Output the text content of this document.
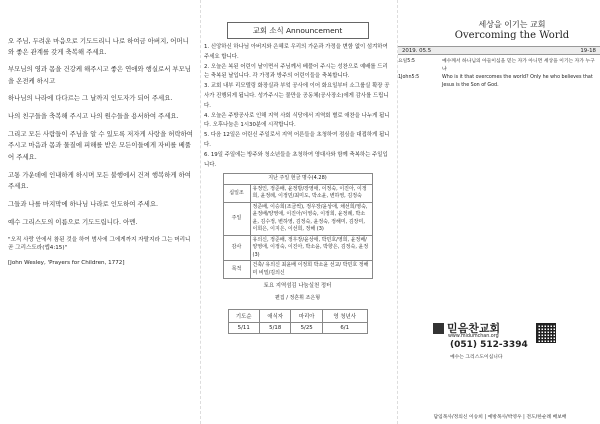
오 주님, 두려운 마음으로 기도드리니 나로 하여금 아버지, 어머니와 좋은 관계를 갖게 축복해 주세요.

부모님의 영과 몸을 건강케 해주시고 좋은 연애와 행실로서 부모님을 온전케 하시고

하나님의 나라에 다다르는 그 날까지 인도자가 되어 주세요.

나의 친구들을 축복해 주시고 나의 원수들을 용서하여 주세요.

그리고 모든 사람들이 주님을 알 수 있도록 저자게 사랑을 허락하여 주시고 마음과 몸과 물질에 피해를 받은 모든이들에게 자비를 베풀어 주세요.

고통 가운데에 인내하게 하시며 모든 불행에서 건져 행복하게 하여 주세요.

그들과 나를 마지막에 하나님 나라로 인도하여 주세요.

예수 그리스도의 이름으로 기도드립니다. 아멘.

"오직 사랑 안에서 참된 것을 하여 범사에 그에게까지 자랄지라 그는 머리니 곧 그리스도라(엡4:15)"

[John Wesley, 'Prayers for Children, 1772]

교회 소식 Announcement
1. 신앙하신 하나님 아버지와 은혜로 우리의 가운과 가정을 변함 없이 섬겨하여 주세요 합니다.
2. 오늘은 복된 어린이 날이면서 주님께서 베풀어 주시는 성찬으로 예배를 드리는 축복된 날입니다. 각 가정과 방주의 어린이들을 축복합니다.
3. 교회 내부 리모델링 화장실과 부엌 공사에 이어 화요일부터 소그룹실 확장 공사가 진행되게 됩니다. 성가주시는 물만을 공동체(공사장소)에게 감사를 드립니다.
4. 오늘은 주방공사로 인해 지역 사회 식당에서 지역회 별로 애찬을 나누게 됩니다. 오후나눔은 1시30분에 시작합니다.
5. 다음 12일은 어린신 주일로서 지역 어른들을 초청하여 점심을 대접하게 됩니다.
6. 19일 주일에는 방주와 청소년들을 초청하여 영대사와 함께 축복하는 주일입니다.
지난 주일 현금 명수(4.28)	
십일조	유정인, 정준배, 윤정방/장영애, 이정숙, 이진아, 이정희, 윤정례, 이정민/최미도, 박소윤, 변하영, 김정숙
주일	정준배, 이승희(조금씩), 정우장/윤상애, 채선희/영숙, 윤정배/양영애, 이진아/이영숙, 이정희, 윤정례, 박소윤, 김수정, 변하영, 김정숙, 윤정숙, 정해미, 김장미, 이희은, 이지은, 이선희, 정해 (3)
감사	유의신, 정준배, 정우장/윤상애, 박민호/영희, 윤정배/양영애, 이정숙, 이진아, 박소윤, 박향은, 김정숙, 윤정 (3)
목적	건축/ 유의신 최윤배 이정희 박소윤 선교/ 박민호 정해미 비밀/김의신
토요 지역섬김 나눔실천 정터
편집 / 정흔휘 조은형
기도순	애식자	마리아	영 청년사
5/11	5/18	5/25	6/1
세상을 이기는 교회
Overcoming the World
2019. 05.5	19-18
요일5:5	예수께서 하나님의 아들이심을 믿는 자가 아니면 세상을 이기는 자가 누구냐
1John5:5	Who is it that overcomes the world? Only he who believes that Jesus is the Son of God.
믿음찬교회
www.midumchan.org
(051) 512-3394
예수는 그리스도이십니다
담임목사/정의신 이승희 | 예방목사/박영우 | 전도/한순례 배보배
